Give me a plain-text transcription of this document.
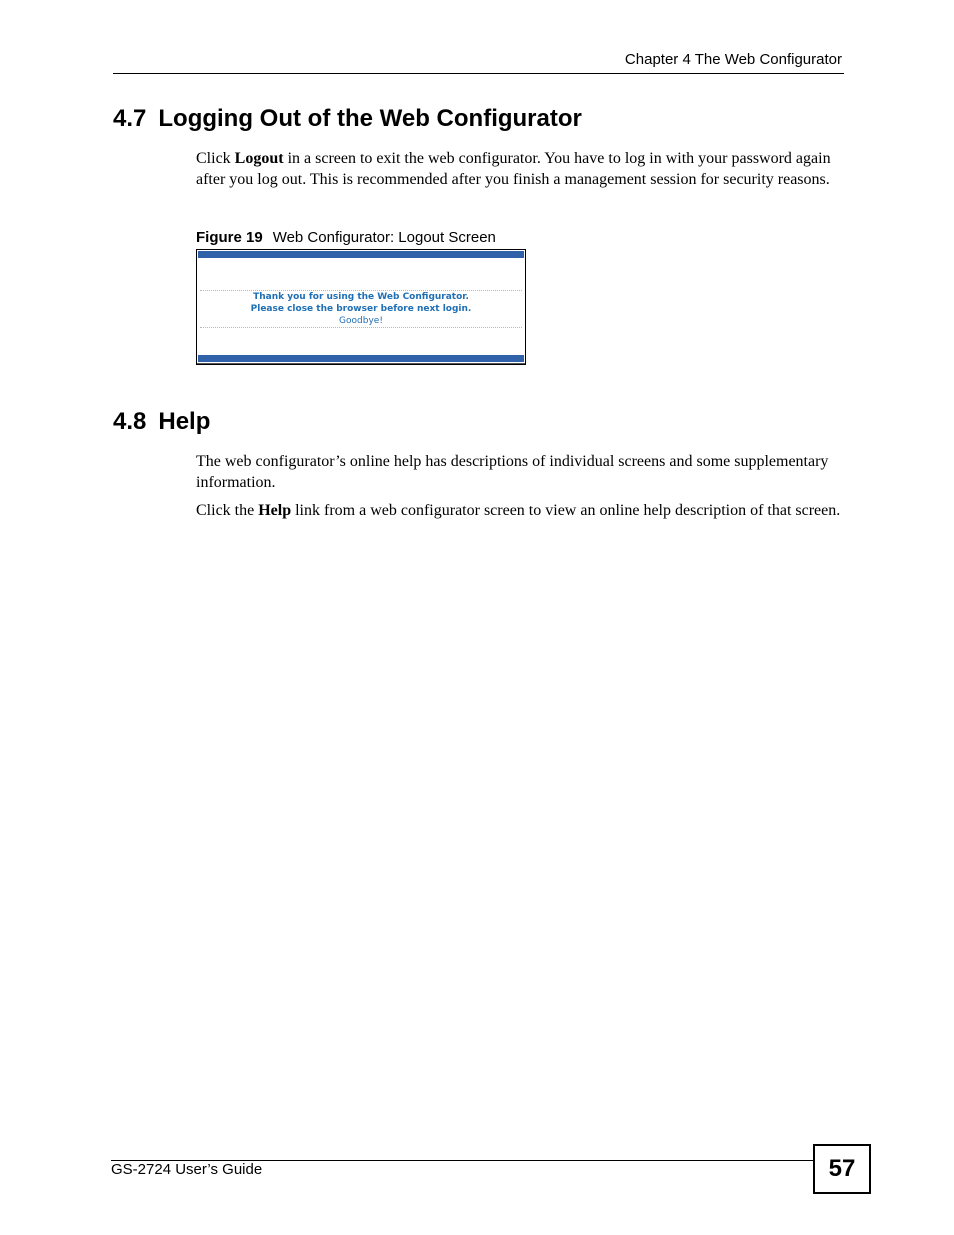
Chapter 4 The Web Configurator
4.7 Logging Out of the Web Configurator
Click Logout in a screen to exit the web configurator. You have to log in with your password again after you log out. This is recommended after you finish a management session for security reasons.
Figure 19 Web Configurator: Logout Screen
Thank you for using the Web Configurator.
Please close the browser before next login.
Goodbye!
4.8 Help
The web configurator’s online help has descriptions of individual screens and some supplementary information.
Click the Help link from a web configurator screen to view an online help description of that screen.
GS-2724 User’s Guide	57
